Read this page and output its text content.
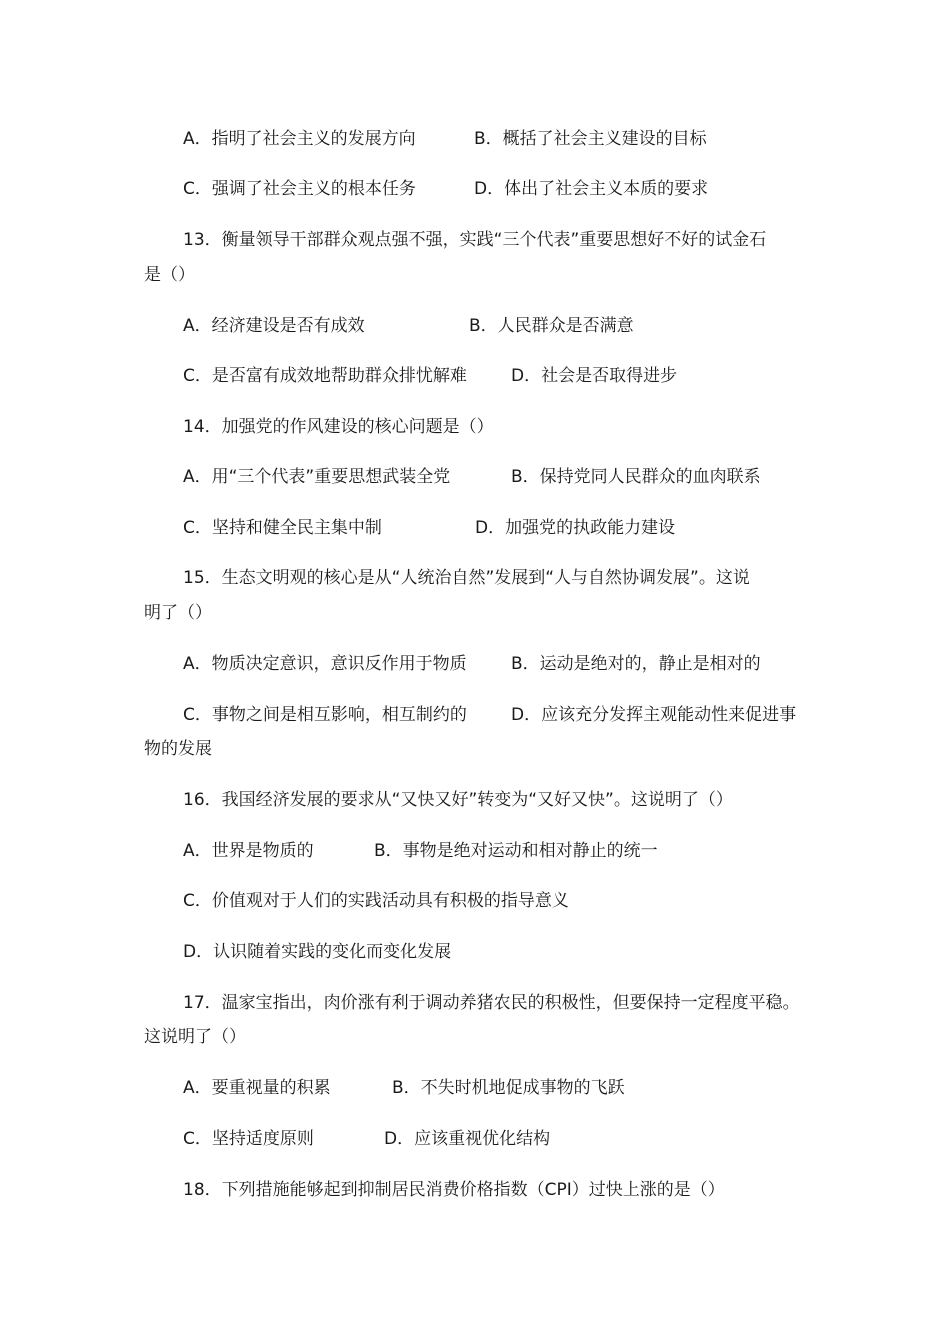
A．指明了社会主义的发展方向	B．概括了社会主义建设的目标
C．强调了社会主义的根本任务	D．体出了社会主义本质的要求
13．衡量领导干部群众观点强不强，实践“三个代表”重要思想好不好的试金石
是（）
A．经济建设是否有成效	B．人民群众是否满意
C．是否富有成效地帮助群众排忧解难	D．社会是否取得进步
14．加强党的作风建设的核心问题是（）
A．用“三个代表”重要思想武装全党	B．保持党同人民群众的血肉联系
C．坚持和健全民主集中制	D．加强党的执政能力建设
15．生态文明观的核心是从“人统治自然”发展到“人与自然协调发展”。这说
明了（）
A．物质决定意识，意识反作用于物质	B．运动是绝对的，静止是相对的
C．事物之间是相互影响，相互制约的	D．应该充分发挥主观能动性来促进事
物的发展
16．我国经济发展的要求从“又快又好”转变为“又好又快”。这说明了（）
A．世界是物质的	B．事物是绝对运动和相对静止的统一
C．价值观对于人们的实践活动具有积极的指导意义
D．认识随着实践的变化而变化发展
17．温家宝指出，肉价涨有利于调动养猪农民的积极性，但要保持一定程度平稳。
这说明了（）
A．要重视量的积累	B．不失时机地促成事物的飞跃
C．坚持适度原则	D．应该重视优化结构
18．下列措施能够起到抑制居民消费价格指数（CPI）过快上涨的是（）
